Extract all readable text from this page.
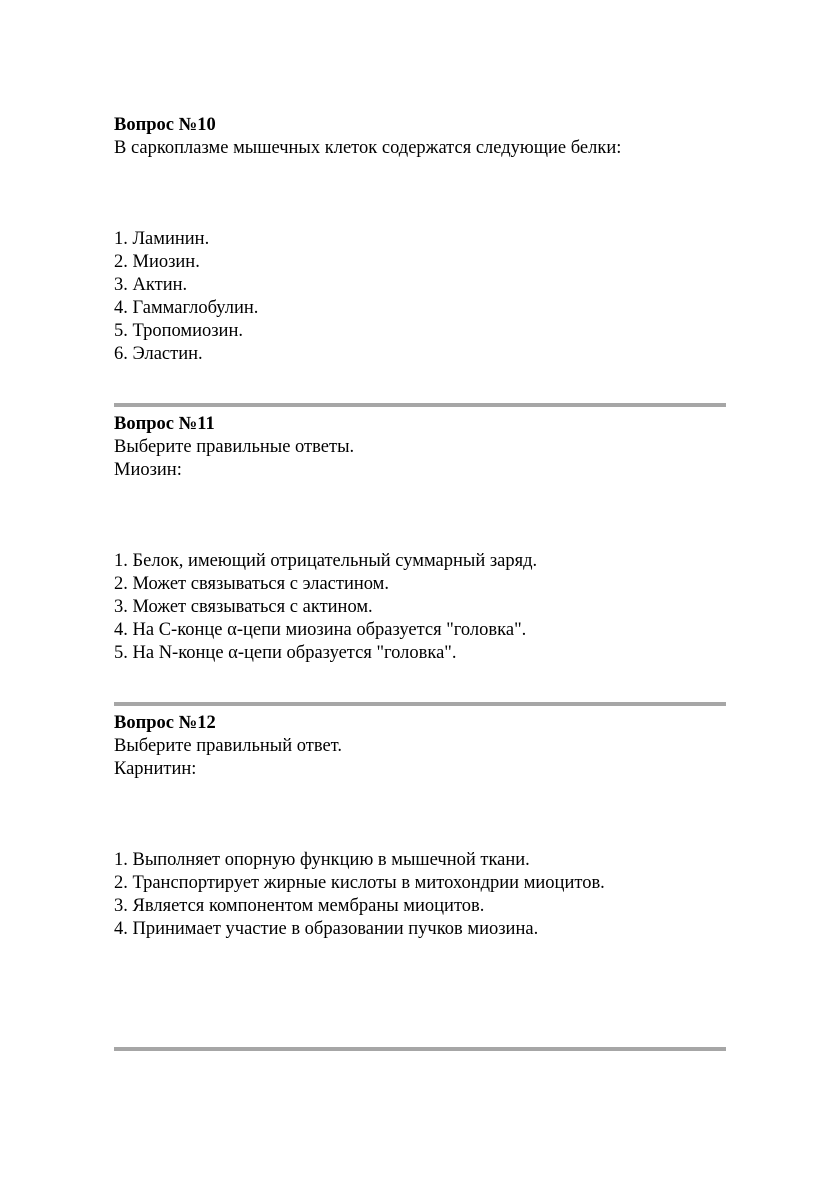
Вопрос №10

В саркоплазме мышечных клеток содержатся следующие белки:

1. Ламинин.
2. Миозин.
3. Актин.
4. Гаммаглобулин.
5. Тропомиозин.
6. Эластин.

Вопрос №11

Выберите правильные ответы.

Миозин:

1. Белок, имеющий отрицательный суммарный заряд.
2. Может связываться с эластином.
3. Может связываться с актином.
4. На С-конце α-цепи миозина образуется "головка".
5. На N-конце α-цепи образуется "головка".

Вопрос №12

Выберите правильный ответ.

Карнитин:

1. Выполняет опорную функцию в мышечной ткани.
2. Транспортирует жирные кислоты в митохондрии миоцитов.
3. Является компонентом мембраны миоцитов.
4. Принимает участие в образовании пучков миозина.
